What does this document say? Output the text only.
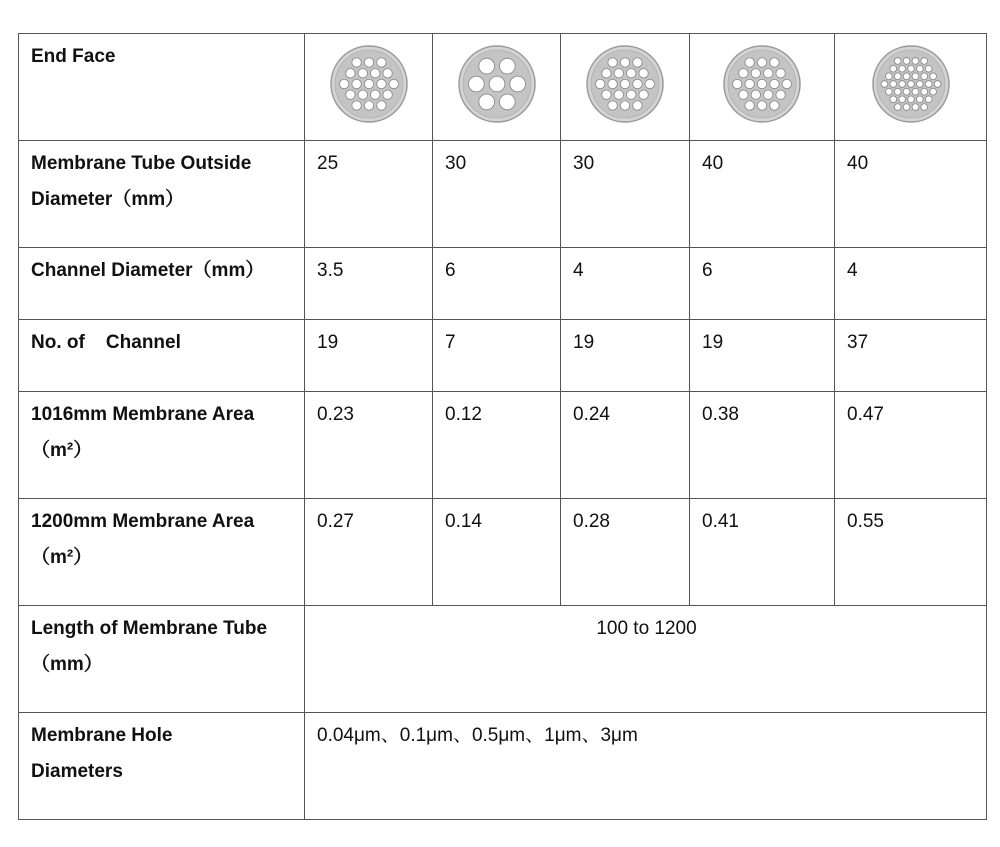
End Face	

Membrane Tube Outside
Diameter（mm）	25	30	30	40	40
Channel Diameter（mm）	3.5	6	4	6	4
No. of    Channel	19	7	19	19	37

1016mm Membrane Area
（m²）	0.23	0.12	0.24	0.38	0.47

1200mm Membrane Area
（m²）	0.27	0.14	0.28	0.41	0.55

Length of Membrane Tube
（mm）	100 to 1200				

Membrane Hole
Diameters	0.04μm、0.1μm、0.5μm、1μm、3μm				
